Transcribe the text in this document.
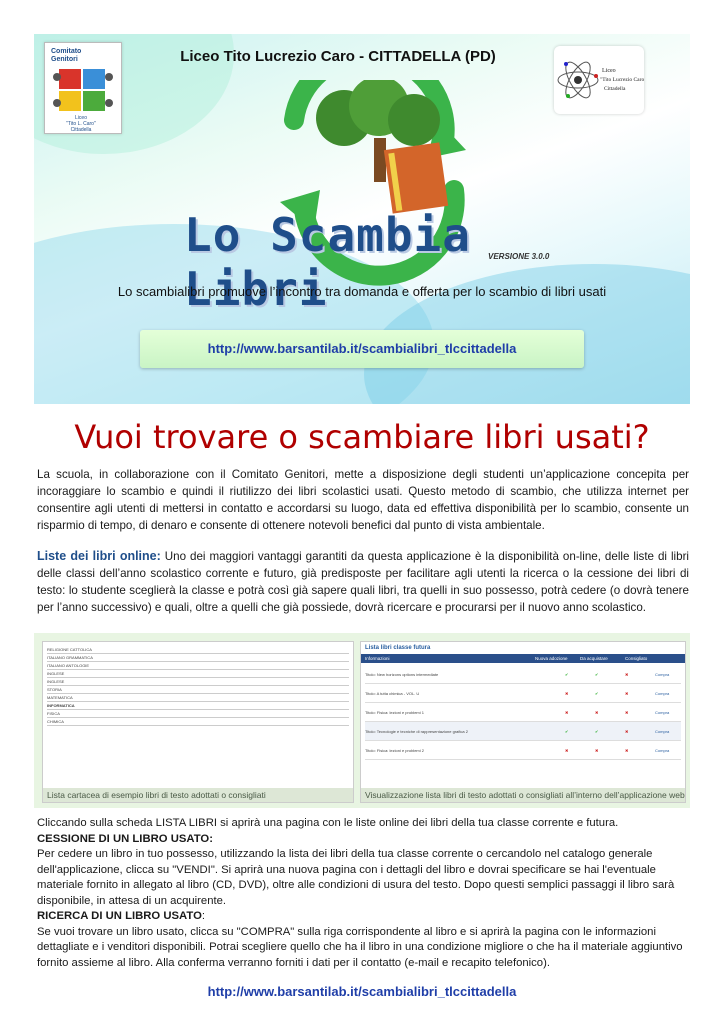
Comitato
Genitori
Liceo
"Tito L. Caro"
Cittadella
Liceo Tito Lucrezio Caro - CITTADELLA (PD)
Liceo
"Tito Lucrezio Caro"
Cittadella
Lo Scambia Libri
VERSIONE 3.0.0
Lo scambialibri promuove l’incontro tra domanda e offerta per lo scambio di libri usati
http://www.barsantilab.it/scambialibri_tlccittadella
Vuoi trovare o scambiare libri usati?
La scuola, in collaborazione con il Comitato Genitori, mette a disposizione degli studenti un’applicazione concepita per incoraggiare lo scambio e quindi il riutilizzo dei libri scolastici usati. Questo metodo di scambio, che utilizza internet per consentire agli utenti di mettersi in contatto e accordarsi su luogo, data ed effettiva disponibilità per lo scambio, consente un risparmio di tempo, di denaro e consente di ottenere notevoli benefici dal punto di vista ambientale.
Liste dei libri online: Uno dei maggiori vantaggi garantiti da questa applicazione è la disponibilità on-line, delle liste di libri delle classi dell’anno scolastico corrente e futuro, già predisposte per facilitare agli utenti la ricerca o la cessione dei libri di testo: lo studente sceglierà la classe e potrà così già sapere quali libri, tra quelli in suo possesso, potrà cedere (o dovrà tenere per l’anno successivo) e quali, oltre a quelli che già possiede, dovrà ricercare e procurarsi per il nuovo anno scolastico.
RELIGIONE CATTOLICA
ITALIANO GRAMMATICA
ITALIANO ANTOLOGIE
INGLESE
INGLESE
STORIA
MATEMATICA
INFORMATICA
FISICA
CHIMICA
Lista cartacea di esempio libri di testo adottati o consigliati
Lista libri classe futura
Informazioni	Nuova adozione	Da acquistare	Consigliato
Titolo: New horizons options intermediate	✔	✔	✖	Compra
Titolo: A tutta chimica - VOL. U	✖	✔	✖	Compra
Titolo: Fisica: lezioni e problemi 1	✖	✖	✖	Compra
Titolo: Tecnologie e tecniche di rappresentazione grafica 2	✔	✔	✖	Compra
Titolo: Fisica: lezioni e problemi 2	✖	✖	✖	Compra
Visualizzazione lista libri di testo adottati o consigliati all’interno dell’applicazione web
Cliccando sulla scheda LISTA LIBRI si aprirà una pagina con le liste online dei libri della tua classe corrente e futura.
CESSIONE DI UN LIBRO USATO:
Per cedere un libro in tuo possesso, utilizzando la lista dei libri della tua classe corrente o cercandolo nel catalogo generale dell'applicazione, clicca su "VENDI". Si aprirà una nuova pagina con i dettagli del libro e dovrai specificare se hai l'eventuale materiale fornito in allegato al libro (CD, DVD), oltre alle condizioni di usura del testo. Dopo questi semplici passaggi il libro sarà disponibile, in attesa di un acquirente.
RICERCA DI UN LIBRO USATO:
Se vuoi trovare un libro usato, clicca su "COMPRA" sulla riga corrispondente al libro e si aprirà la pagina con le informazioni dettagliate e i venditori disponibili. Potrai scegliere quello che ha il libro in una condizione migliore o che ha il materiale aggiuntivo fornito assieme al libro. Alla conferma verranno forniti i dati per il contatto (e-mail e recapito telefonico).
http://www.barsantilab.it/scambialibri_tlccittadella
